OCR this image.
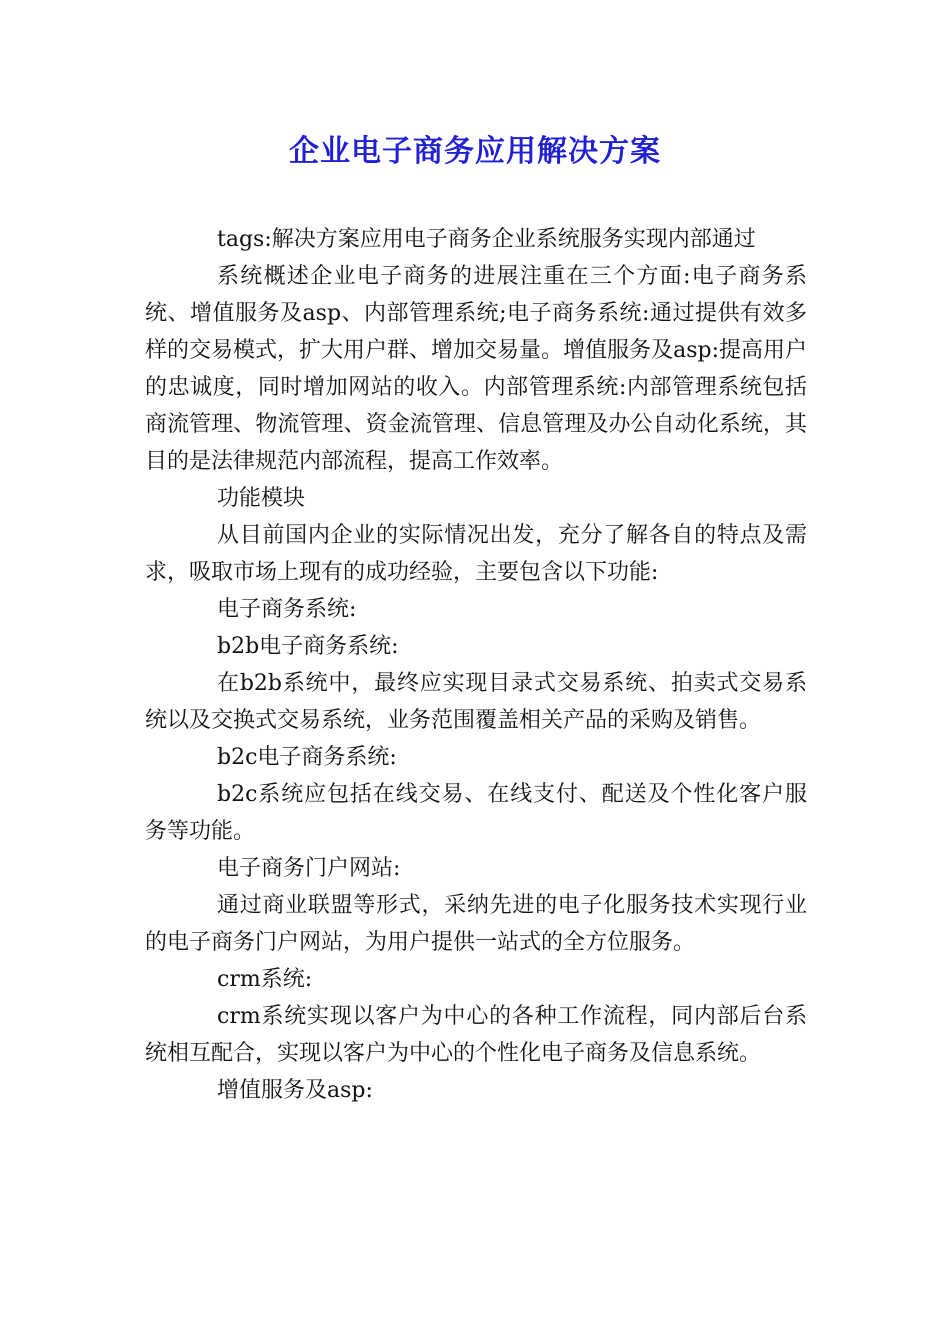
企业电子商务应用解决方案

tags:解决方案应用电子商务企业系统服务实现内部通过

系统概述企业电子商务的进展注重在三个方面:电子商务系统、增值服务及asp、内部管理系统;电子商务系统:通过提供有效多样的交易模式，扩大用户群、增加交易量。增值服务及asp:提高用户的忠诚度，同时增加网站的收入。内部管理系统:内部管理系统包括商流管理、物流管理、资金流管理、信息管理及办公自动化系统，其目的是法律规范内部流程，提高工作效率。

功能模块

从目前国内企业的实际情况出发，充分了解各自的特点及需求，吸取市场上现有的成功经验，主要包含以下功能:

电子商务系统:

b2b电子商务系统:

在b2b系统中，最终应实现目录式交易系统、拍卖式交易系统以及交换式交易系统，业务范围覆盖相关产品的采购及销售。

b2c电子商务系统:

b2c系统应包括在线交易、在线支付、配送及个性化客户服务等功能。

电子商务门户网站:

通过商业联盟等形式，采纳先进的电子化服务技术实现行业的电子商务门户网站，为用户提供一站式的全方位服务。

crm系统:

crm系统实现以客户为中心的各种工作流程，同内部后台系统相互配合，实现以客户为中心的个性化电子商务及信息系统。

增值服务及asp:
